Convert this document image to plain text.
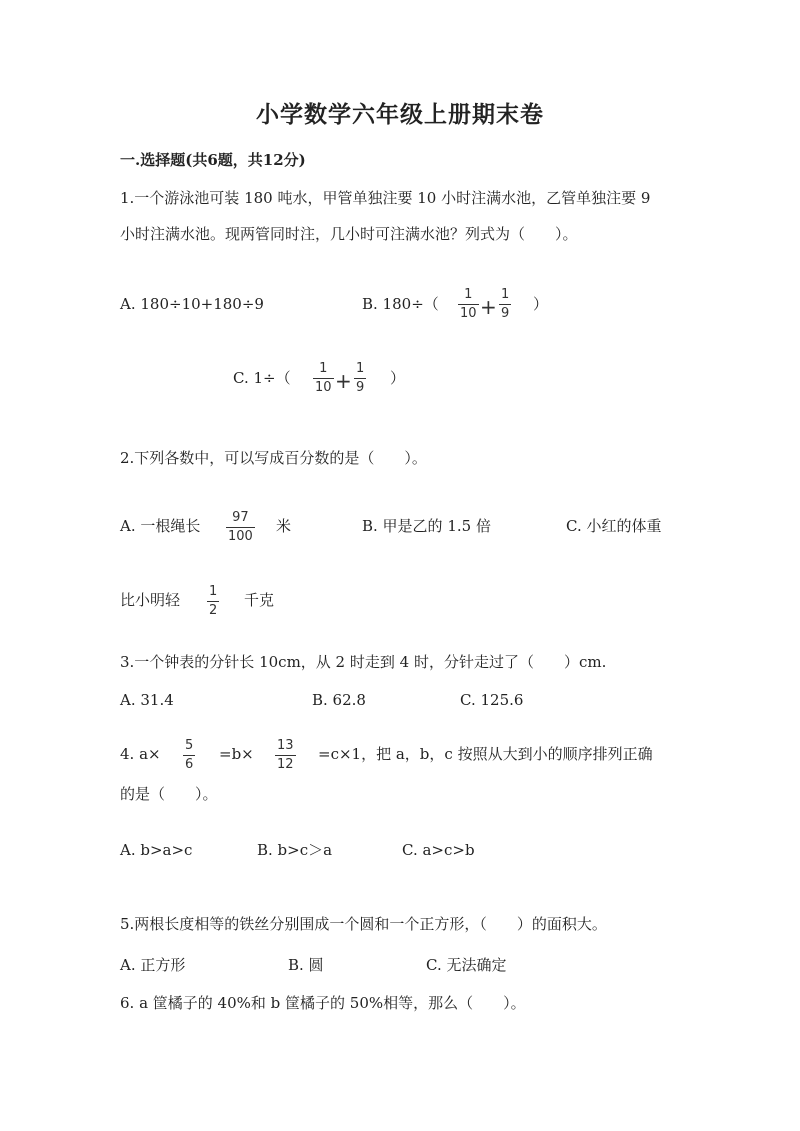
小学数学六年级上册期末卷
一.选择题(共6题，共12分)
1.一个游泳池可装 180 吨水，甲管单独注要 10 小时注满水池，乙管单独注要 9
小时注满水池。现两管同时注，几小时可注满水池？列式为（　　）。
A. 180÷10+180÷9	B. 180÷（
1
10 +
1
9
）
C. 1÷（
1
10 +
1
9
）
2.下列各数中，可以写成百分数的是（　　）。
A. 一根绳长 97
100
米	B. 甲是乙的 1.5 倍	C. 小红的体重
比小明轻 1
2
千克
3.一个钟表的分针长 10cm，从 2 时走到 4 时，分针走过了（　　）cm.
A. 31.4	B. 62.8	C. 125.6
4. a× 5
6
=b× 13
12
=c×1，把 a，b，c 按照从大到小的顺序排列正确
的是（　　）。
A. b>a>c	B. b>c＞a	C. a>c>b
5.两根长度相等的铁丝分别围成一个圆和一个正方形，（　　）的面积大。
A. 正方形	B. 圆	C. 无法确定
6. a 筐橘子的 40%和 b 筐橘子的 50%相等，那么（　　）。
